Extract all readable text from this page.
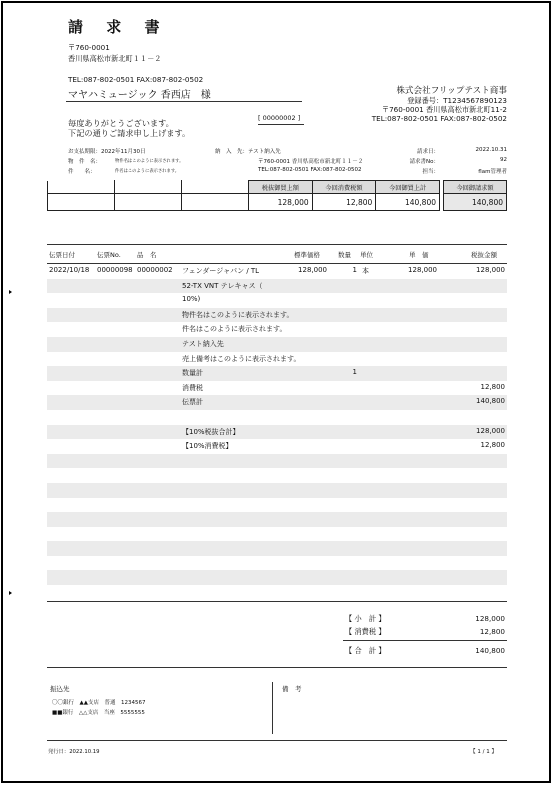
請 求 書
〒760-0001
香川県高松市新北町１１－２
TEL:087-802-0501 FAX:087-802-0502
マヤハミュージック 香西店　様
毎度ありがとうございます。
下記の通りご請求申し上げます。
[ 00000002 ]
株式会社フリップテスト商事
登録番号：T1234567890123
〒760-0001 香川県高松市新北町11-2
TEL:087-802-0501 FAX:087-802-0502
お支払期限：2022年11月30日
物　件　名：	物件名はこのように表示されます。
件　　名：	件名はこのように表示されます。
納　入　先：テスト納入先
〒760-0001 香川県高松市新北町１１－２
TEL:087-802-0501 FAX:087-802-0502
請求日：	2022.10.31
請求書No：	92
担当：	flam管理者
			税抜御買上額	今回消費税額	今回御買上計
			128,000	12,800	140,800
今回御請求額
140,800
伝票日付	伝票No. 品　名	標準価格	数量 単位	単　価	税抜金額
2022/10/18 00000098 00000002 フェンダージャパン / TL	128,000	1 本	128,000	128,000
52-TX VNT テレキャス（
10%)
物件名はこのように表示されます。
件名はこのように表示されます。
テスト納入先
売上備考はこのように表示されます。
数量計	1
消費税	12,800
伝票計	140,800
【10%税抜合計】	128,000
【10%消費税】	12,800
【 小　計 】	128,000
【 消費税 】	12,800
【 合　計 】	140,800
振込先
〇〇銀行　▲▲支店　普通　1234567
■■銀行　△△支店　当座　5555555
備　考
発行日：2022.10.19	【 1 / 1 】
